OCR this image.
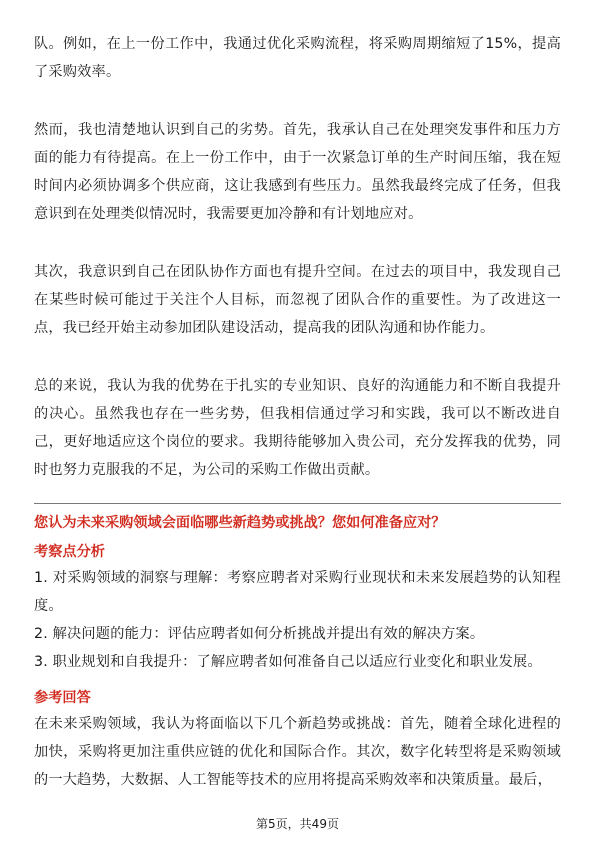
队。例如，在上一份工作中，我通过优化采购流程，将采购周期缩短了15%，提高了采购效率。

然而，我也清楚地认识到自己的劣势。首先，我承认自己在处理突发事件和压力方面的能力有待提高。在上一份工作中，由于一次紧急订单的生产时间压缩，我在短时间内必须协调多个供应商，这让我感到有些压力。虽然我最终完成了任务，但我意识到在处理类似情况时，我需要更加冷静和有计划地应对。

其次，我意识到自己在团队协作方面也有提升空间。在过去的项目中，我发现自己在某些时候可能过于关注个人目标，而忽视了团队合作的重要性。为了改进这一点，我已经开始主动参加团队建设活动，提高我的团队沟通和协作能力。

总的来说，我认为我的优势在于扎实的专业知识、良好的沟通能力和不断自我提升的决心。虽然我也存在一些劣势，但我相信通过学习和实践，我可以不断改进自己，更好地适应这个岗位的要求。我期待能够加入贵公司，充分发挥我的优势，同时也努力克服我的不足，为公司的采购工作做出贡献。

您认为未来采购领域会面临哪些新趋势或挑战？您如何准备应对？

考察点分析

1. 对采购领域的洞察与理解：考察应聘者对采购行业现状和未来发展趋势的认知程度。
2. 解决问题的能力：评估应聘者如何分析挑战并提出有效的解决方案。
3. 职业规划和自我提升：了解应聘者如何准备自己以适应行业变化和职业发展。

参考回答

在未来采购领域，我认为将面临以下几个新趋势或挑战：首先，随着全球化进程的加快，采购将更加注重供应链的优化和国际合作。其次，数字化转型将是采购领域的一大趋势，大数据、人工智能等技术的应用将提高采购效率和决策质量。最后，

第5页，共49页
